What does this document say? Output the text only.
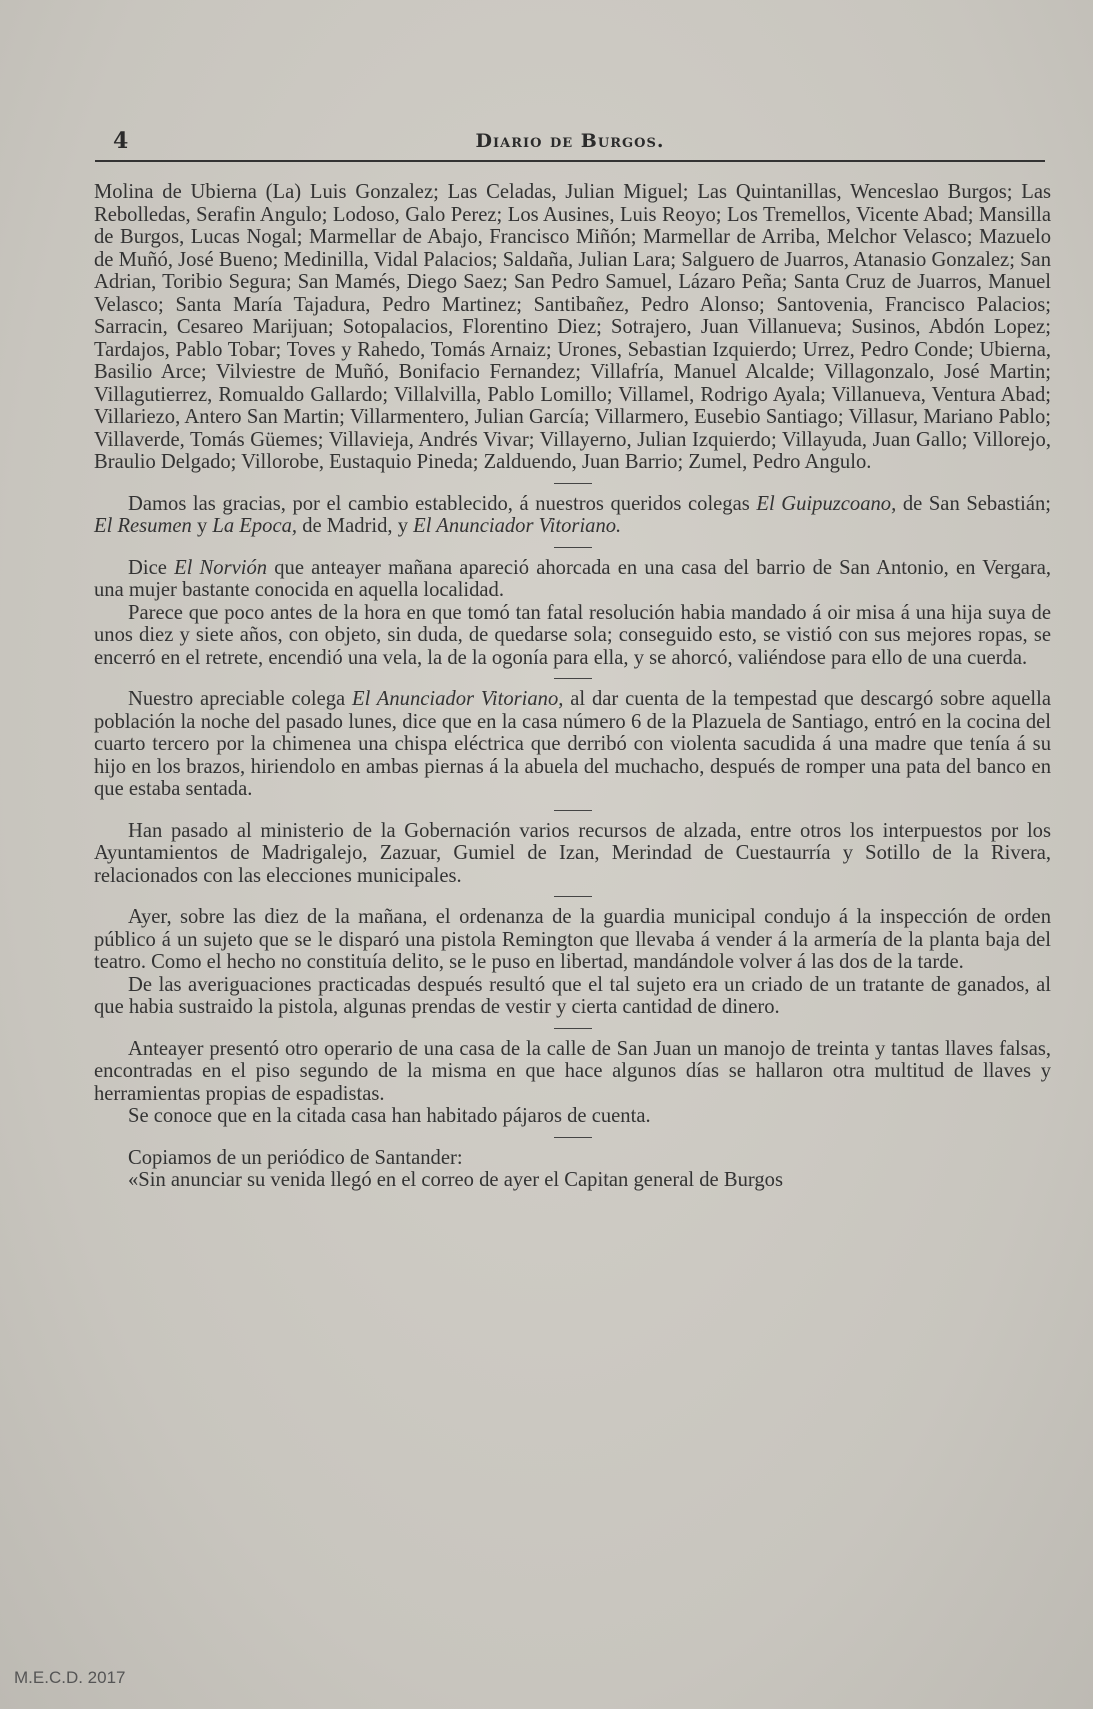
4	Diario de Burgos.

Molina de Ubierna (La) Luis Gonzalez; Las Celadas, Julian Miguel; Las Quintanillas, Wenceslao Burgos; Las Rebolledas, Serafin Angulo; Lodoso, Galo Perez; Los Ausines, Luis Reoyo; Los Tremellos, Vicente Abad; Mansilla de Burgos, Lucas Nogal; Marmellar de Abajo, Francisco Miñón; Marmellar de Arriba, Melchor Velasco; Mazuelo de Muñó, José Bueno; Medinilla, Vidal Palacios; Saldaña, Julian Lara; Salguero de Juarros, Atanasio Gonzalez; San Adrian, Toribio Segura; San Mamés, Diego Saez; San Pedro Samuel, Lázaro Peña; Santa Cruz de Juarros, Manuel Velasco; Santa María Tajadura, Pedro Martinez; Santibañez, Pedro Alonso; Santovenia, Francisco Palacios; Sarracin, Cesareo Marijuan; Sotopalacios, Florentino Diez; Sotrajero, Juan Villanueva; Susinos, Abdón Lopez; Tardajos, Pablo Tobar; Toves y Rahedo, Tomás Arnaiz; Urones, Sebastian Izquierdo; Urrez, Pedro Conde; Ubierna, Basilio Arce; Vilviestre de Muñó, Bonifacio Fernandez; Villafría, Manuel Alcalde; Villagonzalo, José Martin; Villagutierrez, Romualdo Gallardo; Villalvilla, Pablo Lomillo; Villamel, Rodrigo Ayala; Villanueva, Ventura Abad; Villariezo, Antero San Martin; Villarmentero, Julian García; Villarmero, Eusebio Santiago; Villasur, Mariano Pablo; Villaverde, Tomás Güemes; Villavieja, Andrés Vivar; Villayerno, Julian Izquierdo; Villayuda, Juan Gallo; Villorejo, Braulio Delgado; Villorobe, Eustaquio Pineda; Zalduendo, Juan Barrio; Zumel, Pedro Angulo.

Damos las gracias, por el cambio establecido, á nuestros queridos colegas El Guipuzcoano, de San Sebastián; El Resumen y La Epoca, de Madrid, y El Anunciador Vitoriano.

Dice El Norvión que anteayer mañana apareció ahorcada en una casa del barrio de San Antonio, en Vergara, una mujer bastante conocida en aquella localidad.

Parece que poco antes de la hora en que tomó tan fatal resolución habia mandado á oir misa á una hija suya de unos diez y siete años, con objeto, sin duda, de quedarse sola; conseguido esto, se vistió con sus mejores ropas, se encerró en el retrete, encendió una vela, la de la ogonía para ella, y se ahorcó, valiéndose para ello de una cuerda.

Nuestro apreciable colega El Anunciador Vitoriano, al dar cuenta de la tempestad que descargó sobre aquella población la noche del pasado lunes, dice que en la casa número 6 de la Plazuela de Santiago, entró en la cocina del cuarto tercero por la chimenea una chispa eléctrica que derribó con violenta sacudida á una madre que tenía á su hijo en los brazos, hiriendolo en ambas piernas á la abuela del muchacho, después de romper una pata del banco en que estaba sentada.

Han pasado al ministerio de la Gobernación varios recursos de alzada, entre otros los interpuestos por los Ayuntamientos de Madrigalejo, Zazuar, Gumiel de Izan, Merindad de Cuestaurría y Sotillo de la Rivera, relacionados con las elecciones municipales.

Ayer, sobre las diez de la mañana, el ordenanza de la guardia municipal condujo á la inspección de orden público á un sujeto que se le disparó una pistola Remington que llevaba á vender á la armería de la planta baja del teatro. Como el hecho no constituía delito, se le puso en libertad, mandándole volver á las dos de la tarde.

De las averiguaciones practicadas después resultó que el tal sujeto era un criado de un tratante de ganados, al que habia sustraido la pistola, algunas prendas de vestir y cierta cantidad de dinero.

Anteayer presentó otro operario de una casa de la calle de San Juan un manojo de treinta y tantas llaves falsas, encontradas en el piso segundo de la misma en que hace algunos días se hallaron otra multitud de llaves y herramientas propias de espadistas.

Se conoce que en la citada casa han habitado pájaros de cuenta.

Copiamos de un periódico de Santander:

«Sin anunciar su venida llegó en el correo de ayer el Capitan general de Burgos

M.E.C.D. 2017
